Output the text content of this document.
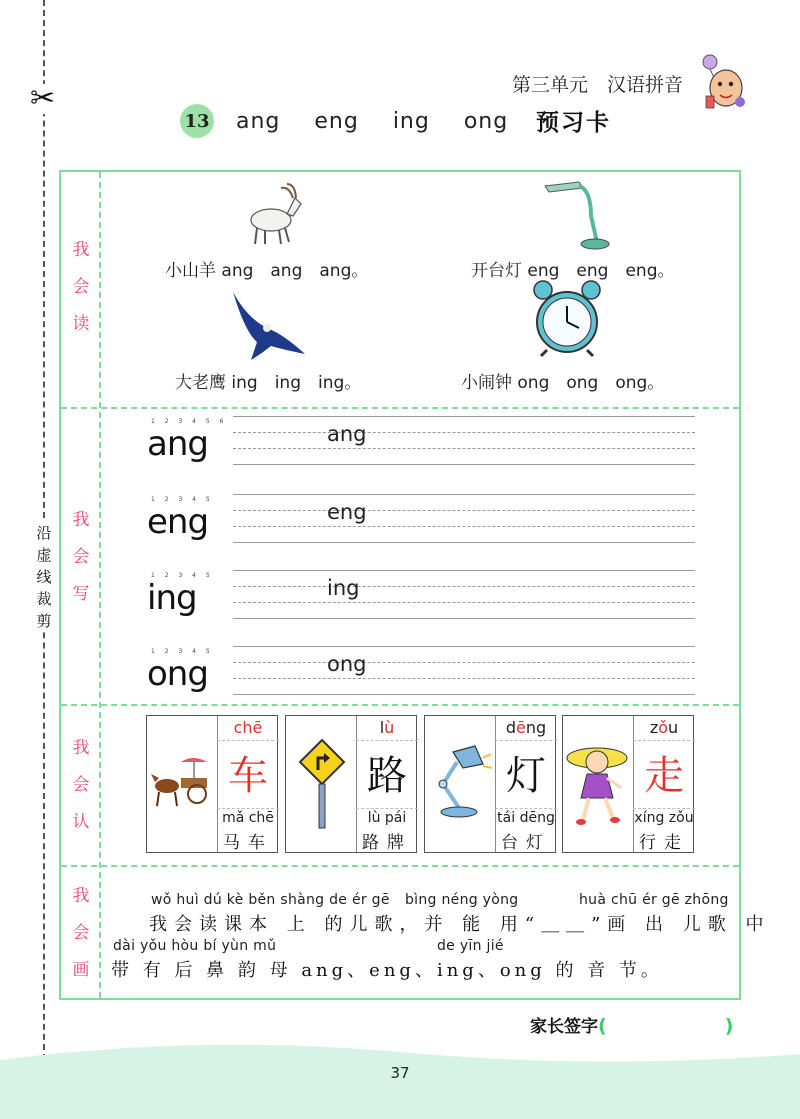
✂
沿虚线裁剪
第三单元　汉语拼音
13 ang eng ing ong 预习卡
我
会
读
我
会
写
我
会
认
我
会
画
小山羊 ang　ang　ang。	开台灯 eng　eng　eng。
大老鹰 ing　ing　ing。	小闹钟 ong　ong　ong。
1 2 3 4 5 6
ang	ang
1 2 3 4 5
eng	eng
1 2 3 4 5
ing	ing
1 2 3 4 5
ong	ong
wǒ huì dú kè běn shàng de ér gē bìng néng yòng	huà chū ér gē zhōng
我会读课本 上 的儿歌，并 能 用“＿＿”画 出 儿歌 中
dài yǒu hòu bí yùn mǔ	de yīn jié
带 有 后 鼻 韵 母 ang、eng、ing、ong 的 音 节。
chē
车
mǎ chē
马车
lù
路
lù pái
路牌
dēng
灯
tái dēng
台灯
zǒu
走
xíng zǒu
行走
家长签字(	)
37
